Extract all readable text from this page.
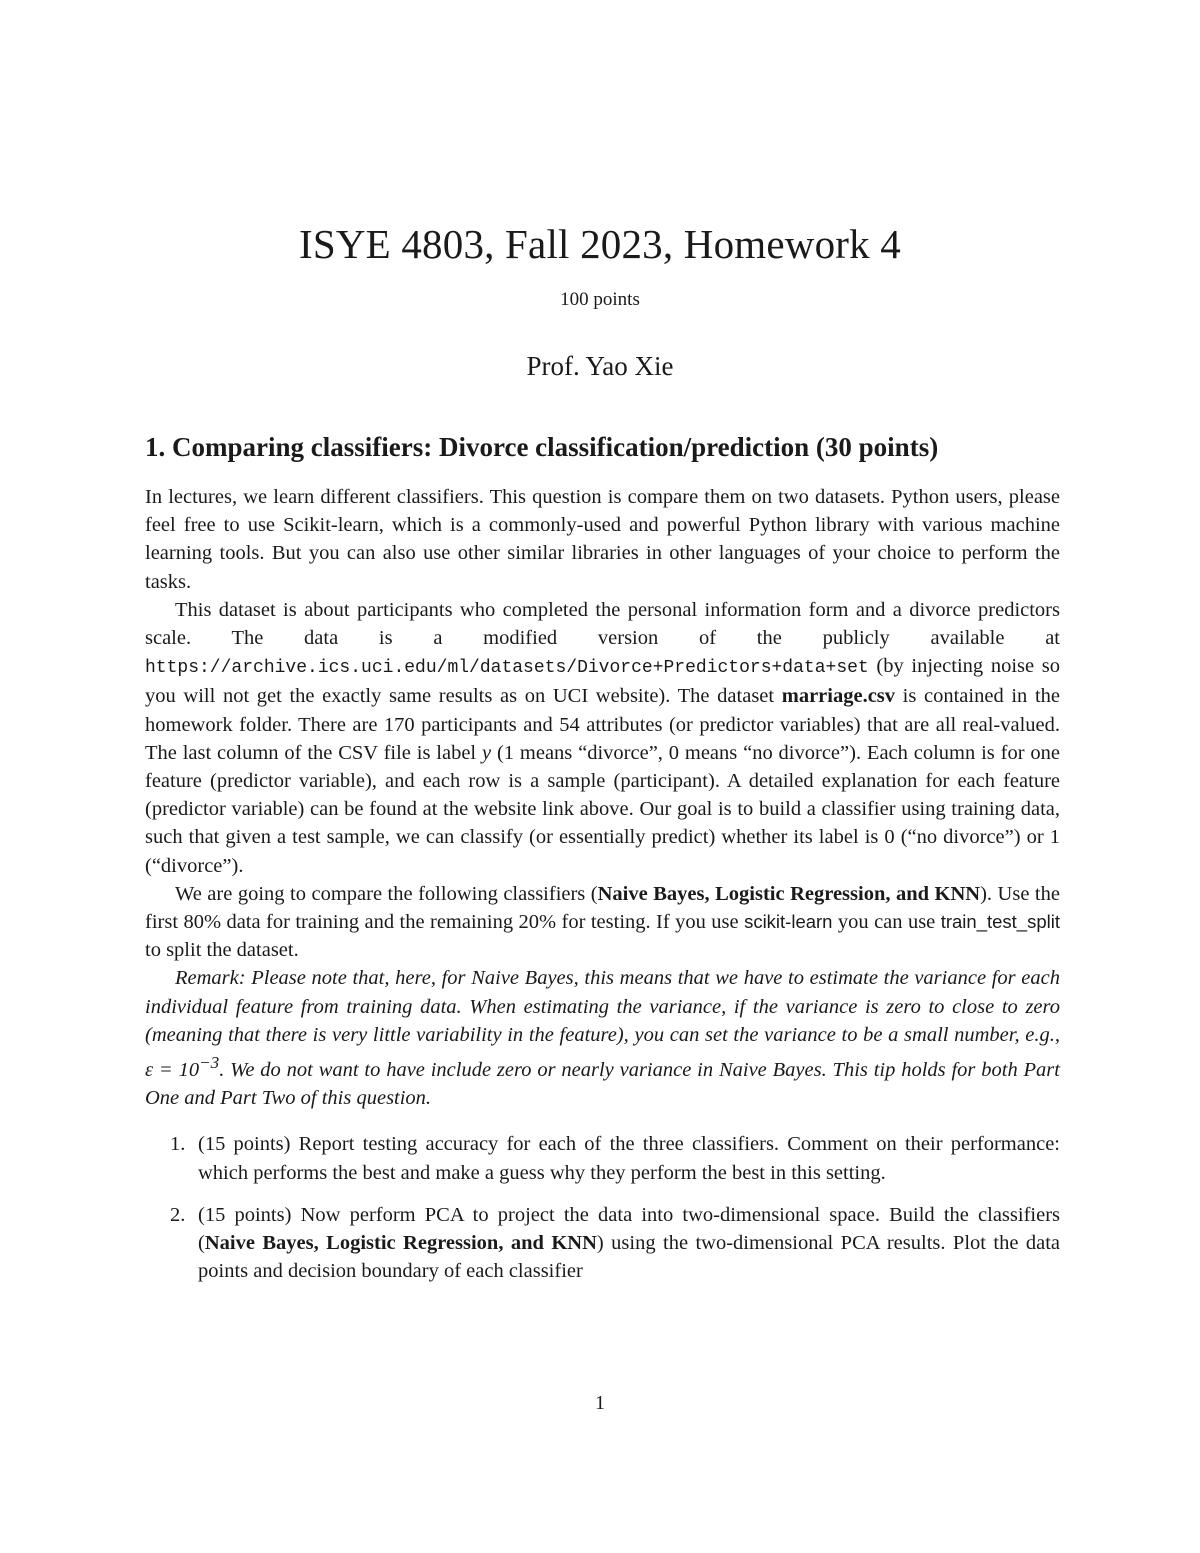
ISYE 4803, Fall 2023, Homework 4
100 points
Prof. Yao Xie
1. Comparing classifiers: Divorce classification/prediction (30 points)

In lectures, we learn different classifiers. This question is compare them on two datasets. Python users, please feel free to use Scikit-learn, which is a commonly-used and powerful Python library with various machine learning tools. But you can also use other similar libraries in other languages of your choice to perform the tasks.

This dataset is about participants who completed the personal information form and a divorce predictors scale. The data is a modified version of the publicly available at https://archive.ics.uci.edu/ml/datasets/Divorce+Predictors+data+set (by injecting noise so you will not get the exactly same results as on UCI website). The dataset marriage.csv is contained in the homework folder. There are 170 participants and 54 attributes (or predictor variables) that are all real-valued. The last column of the CSV file is label y (1 means “divorce”, 0 means “no divorce”). Each column is for one feature (predictor variable), and each row is a sample (participant). A detailed explanation for each feature (predictor variable) can be found at the website link above. Our goal is to build a classifier using training data, such that given a test sample, we can classify (or essentially predict) whether its label is 0 (“no divorce”) or 1 (“divorce”).

We are going to compare the following classifiers (Naive Bayes, Logistic Regression, and KNN). Use the first 80% data for training and the remaining 20% for testing. If you use scikit-learn you can use train_test_split to split the dataset.

Remark: Please note that, here, for Naive Bayes, this means that we have to estimate the variance for each individual feature from training data. When estimating the variance, if the variance is zero to close to zero (meaning that there is very little variability in the feature), you can set the variance to be a small number, e.g., $\varepsilon = 10^{-3}$. We do not want to have include zero or nearly variance in Naive Bayes. This tip holds for both Part One and Part Two of this question.

1. (15 points) Report testing accuracy for each of the three classifiers. Comment on their performance: which performs the best and make a guess why they perform the best in this setting.
2. (15 points) Now perform PCA to project the data into two-dimensional space. Build the classifiers (Naive Bayes, Logistic Regression, and KNN) using the two-dimensional PCA results. Plot the data points and decision boundary of each classifier
1
